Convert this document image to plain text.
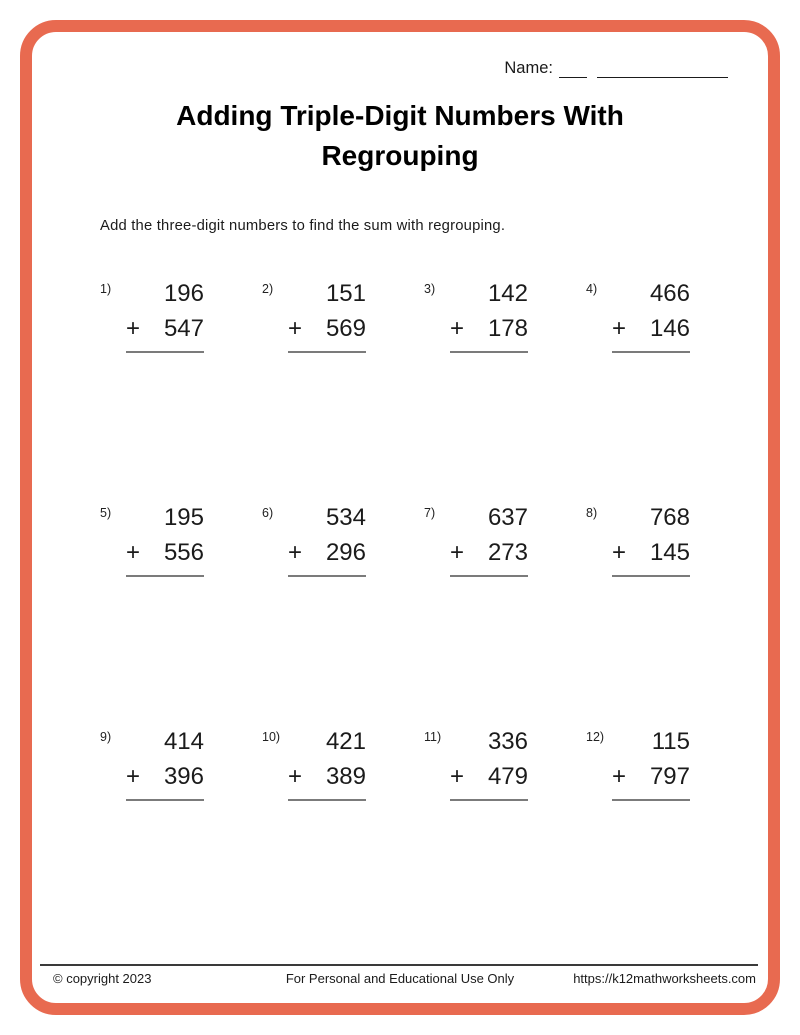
Name:
Adding Triple-Digit Numbers With
Regrouping
Add the three-digit numbers to find the sum with regrouping.
1)	196
+ 547
2)	151
+ 569
3)	142
+ 178
4)	466
+ 146
5)	195
+ 556
6)	534
+ 296
7)	637
+ 273
8)	768
+ 145
9)	414
+ 396
10)	421
+ 389
11)	336
+ 479
12)	115
+ 797
© copyright 2023	For Personal and Educational Use Only	https://k12mathworksheets.com
